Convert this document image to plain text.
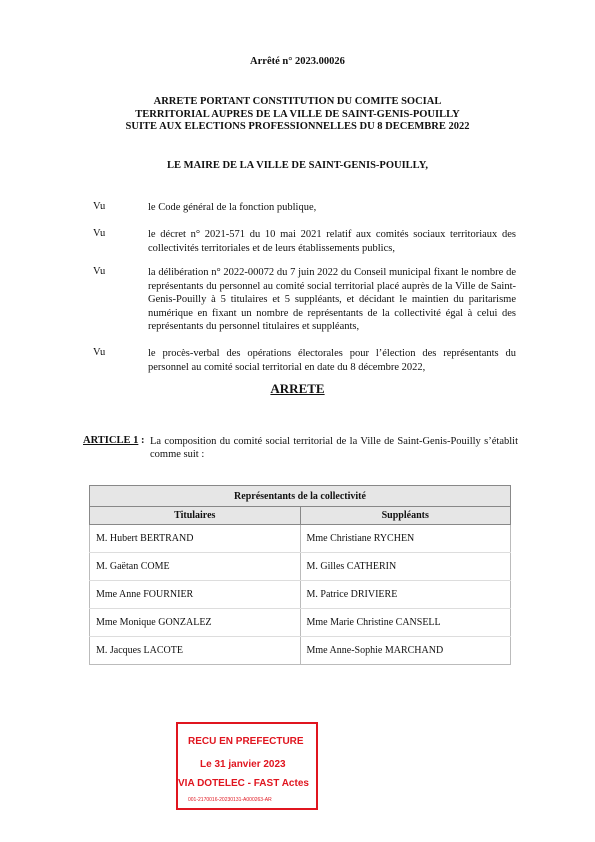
Arrêté n° 2023.00026
ARRETE PORTANT CONSTITUTION DU COMITE SOCIAL
TERRITORIAL AUPRES DE LA VILLE DE SAINT-GENIS-POUILLY
SUITE AUX ELECTIONS PROFESSIONNELLES DU 8 DECEMBRE 2022
LE MAIRE DE LA VILLE DE SAINT-GENIS-POUILLY,
Vu	le Code général de la fonction publique,
Vu	le décret n° 2021-571 du 10 mai 2021 relatif aux comités sociaux territoriaux des collectivités territoriales et de leurs établissements publics,
Vu	la délibération n° 2022-00072 du 7 juin 2022 du Conseil municipal fixant le nombre de représentants du personnel au comité social territorial placé auprès de la Ville de Saint-Genis-Pouilly à 5 titulaires et 5 suppléants, et décidant le maintien du paritarisme numérique en fixant un nombre de représentants de la collectivité égal à celui des représentants du personnel titulaires et suppléants,
Vu	le procès-verbal des opérations électorales pour l’élection des représentants du personnel au comité social territorial en date du 8 décembre 2022,
ARRETE
ARTICLE 1 : La composition du comité social territorial de la Ville de Saint-Genis-Pouilly s’établit comme suit :
Représentants de la collectivité	
Titulaires	Suppléants
M. Hubert BERTRAND	Mme Christiane RYCHEN
M. Gaëtan COME	M. Gilles CATHERIN
Mme Anne FOURNIER	M. Patrice DRIVIERE
Mme Monique GONZALEZ	Mme Marie Christine CANSELL
M. Jacques LACOTE	Mme Anne-Sophie MARCHAND
RECU EN PREFECTURE
Le 31 janvier 2023
VIA DOTELEC - FAST Actes
001-2170016-20230131-A000263-AR
